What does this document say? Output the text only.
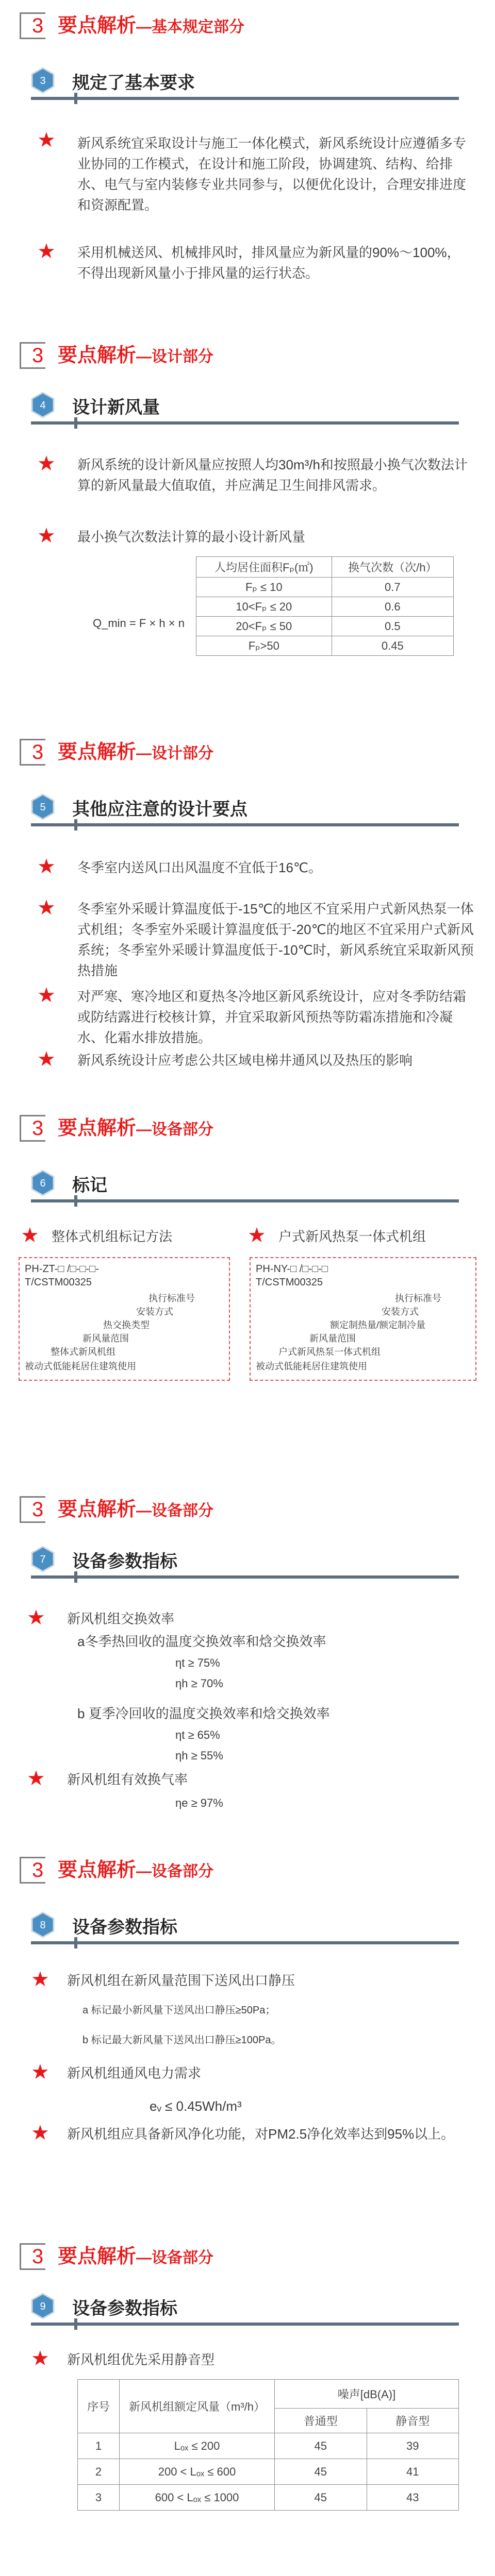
3 要点解析—基本规定部分
3 规定了基本要求
★ 新风系统宜采取设计与施工一体化模式，新风系统设计应遵循多专业协同的工作模式，在设计和施工阶段，协调建筑、结构、给排水、电气与室内装修专业共同参与，以便优化设计，合理安排进度和资源配置。
★ 采用机械送风、机械排风时，排风量应为新风量的90%～100%，不得出现新风量小于排风量的运行状态。
3 要点解析—设计部分
4 设计新风量
★ 新风系统的设计新风量应按照人均30m³/h和按照最小换气次数法计算的新风量最大值取值，并应满足卫生间排风需求。
★ 最小换气次数法计算的最小设计新风量
Q_min = F × h × n
人均居住面积Fₚ(㎡)	换气次数（次/h）
Fₚ ≤ 10	0.7
10<Fₚ ≤ 20	0.6
20<Fₚ ≤ 50	0.5
Fₚ>50	0.45
3 要点解析—设计部分
5 其他应注意的设计要点
★ 冬季室内送风口出风温度不宜低于16℃。
★ 冬季室外采暖计算温度低于-15℃的地区不宜采用户式新风热泵一体式机组；冬季室外采暖计算温度低于-20℃的地区不宜采用户式新风系统；冬季室外采暖计算温度低于-10℃时，新风系统宜采取新风预热措施
★ 对严寒、寒冷地区和夏热冬冷地区新风系统设计，应对冬季防结霜或防结露进行校核计算，并宜采取新风预热等防霜冻措施和冷凝水、化霜水排放措施。
★ 新风系统设计应考虑公共区域电梯井通风以及热压的影响
3 要点解析—设备部分
6 标记
★ 整体式机组标记方法	★ 户式新风热泵一体式机组
PH-ZT-□ /□-□-□-
T/CSTM00325
执行标准号
安装方式
热交换类型
新风量范围
整体式新风机组
被动式低能耗居住建筑使用
PH-NY-□ /□-□-□
T/CSTM00325
执行标准号
安装方式
额定制热量/额定制冷量
新风量范围
户式新风热泵一体式机组
被动式低能耗居住建筑使用
3 要点解析—设备部分
7 设备参数指标
★ 新风机组交换效率
a冬季热回收的温度交换效率和焓交换效率
ηt ≥ 75%
ηh ≥ 70%
b 夏季冷回收的温度交换效率和焓交换效率
ηt ≥ 65%
ηh ≥ 55%
★ 新风机组有效换气率
ηe ≥ 97%
3 要点解析—设备部分
8 设备参数指标
★ 新风机组在新风量范围下送风出口静压
a 标记最小新风量下送风出口静压≥50Pa；
b 标记最大新风量下送风出口静压≥100Pa。
★ 新风机组通风电力需求
eᵥ ≤ 0.45Wh/m³
★ 新风机组应具备新风净化功能，对PM2.5净化效率达到95%以上。
3 要点解析—设备部分
9 设备参数指标
★ 新风机组优先采用静音型
序号	新风机组额定风量（m³/h）	噪声[dB(A)]	
		普通型	静音型
1	Lₒₓ ≤ 200	45	39
2	200 < Lₒₓ ≤ 600	45	41
3	600 < Lₒₓ ≤ 1000	45	43
